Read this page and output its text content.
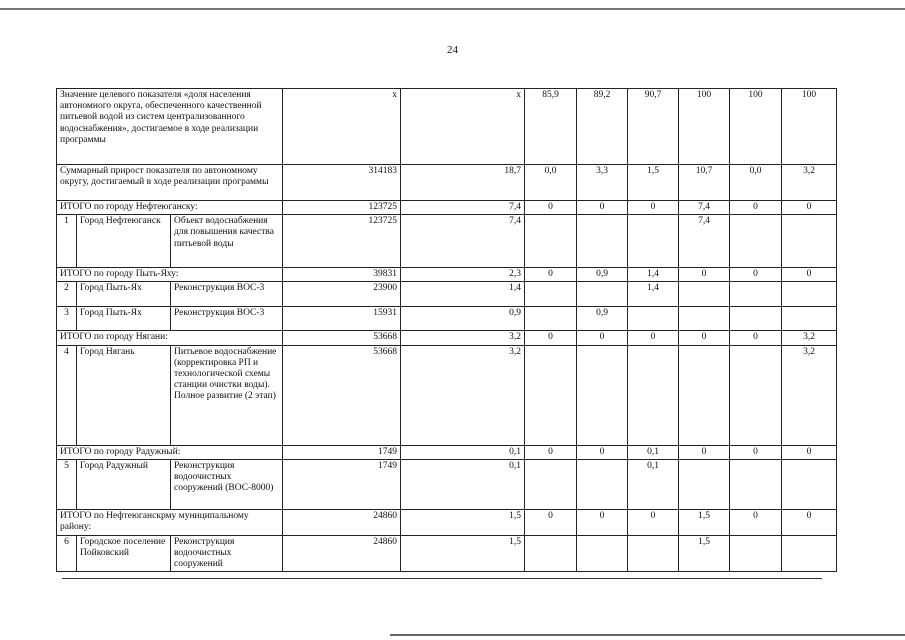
24
Значение целевого показателя «доля населения автономного округа, обеспеченного качественной питьевой водой из систем централизованного водоснабжения», достигаемое в ходе реализации программы			x	x	85,9	89,2	90,7	100	100	100
Суммарный прирост показателя по автономному округу, достигаемый в ходе реализации программы			314183	18,7	0,0	3,3	1,5	10,7	0,0	3,2
ИТОГО по городу Нефтеюганску:			123725	7,4	0	0	0	7,4	0	0
1	Город Нефтеюганск	Объект водоснабжения для повышения качества питьевой воды	123725	7,4				7,4		
ИТОГО по городу Пыть-Яху:			39831	2,3	0	0,9	1,4	0	0	0
2	Город Пыть-Ях	Реконструкция ВОС-3	23900	1,4			1,4			
3	Город Пыть-Ях	Реконструкция ВОС-3	15931	0,9		0,9				
ИТОГО по городу Нягани:			53668	3,2	0	0	0	0	0	3,2
4	Город Нягань	Питьевое водоснабжение (корректировка РП и технологической схемы станции очистки воды). Полное развитие (2 этап)	53668	3,2						3,2
ИТОГО по городу Радужный:			1749	0,1	0	0	0,1	0	0	0
5	Город Радужный	Реконструкция водоочистных сооружений (ВОС-8000)	1749	0,1			0,1			
ИТОГО по Нефтеюганскрму муниципальному району:			24860	1,5	0	0	0	1,5	0	0
6	Городское поселение Пойковский	Реконструкция водоочистных сооружений	24860	1,5				1,5		
